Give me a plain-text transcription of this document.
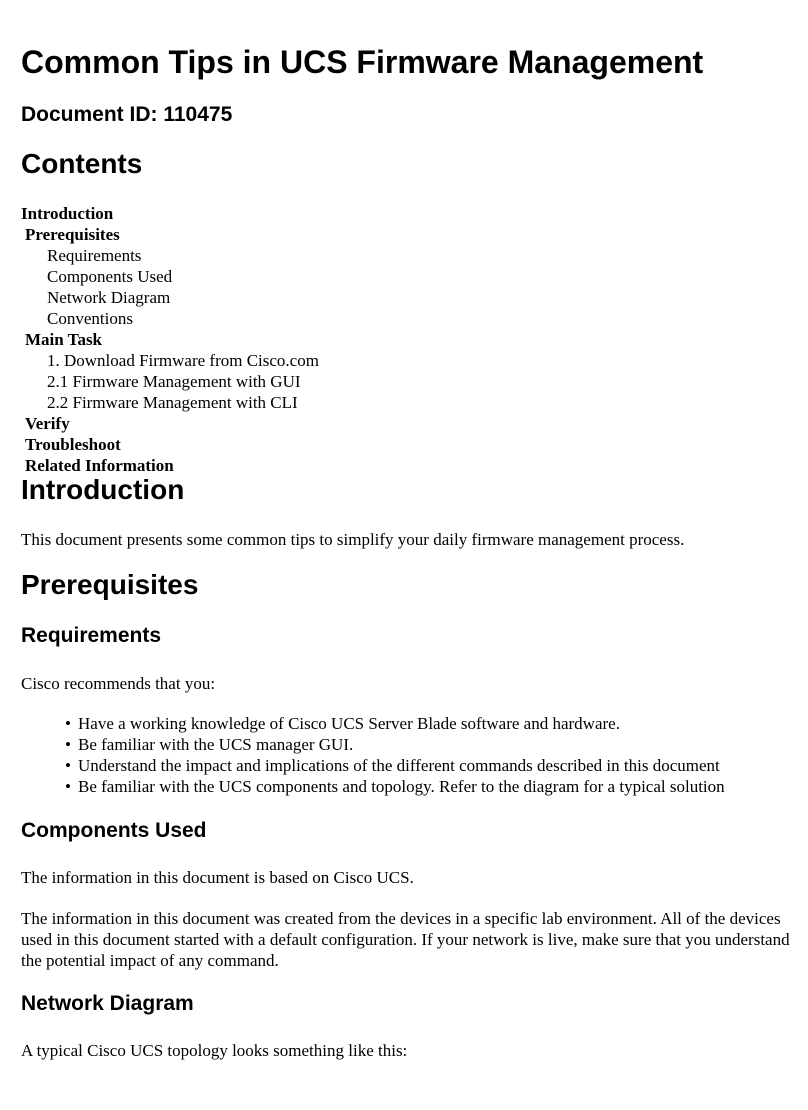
Common Tips in UCS Firmware Management
Document ID: 110475
Contents
Introduction
Prerequisites
Requirements
Components Used
Network Diagram
Conventions
Main Task
1. Download Firmware from Cisco.com
2.1 Firmware Management with GUI
2.2 Firmware Management with CLI
Verify
Troubleshoot
Related Information
Introduction

This document presents some common tips to simplify your daily firmware management process.

Prerequisites
Requirements

Cisco recommends that you:

• Have a working knowledge of Cisco UCS Server Blade software and hardware.
• Be familiar with the UCS manager GUI.
• Understand the impact and implications of the different commands described in this document
• Be familiar with the UCS components and topology. Refer to the diagram for a typical solution
Components Used

The information in this document is based on Cisco UCS.

The information in this document was created from the devices in a specific lab environment. All of the devices used in this document started with a default configuration. If your network is live, make sure that you understand the potential impact of any command.

Network Diagram

A typical Cisco UCS topology looks something like this:
